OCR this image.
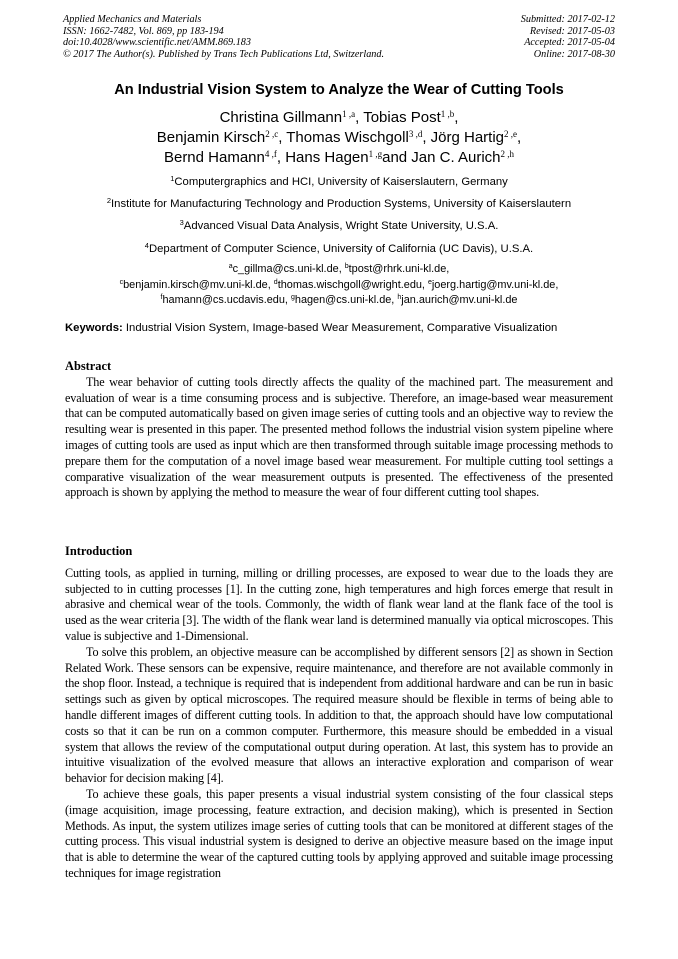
Applied Mechanics and Materials
ISSN: 1662-7482, Vol. 869, pp 183-194
doi:10.4028/www.scientific.net/AMM.869.183
© 2017 The Author(s). Published by Trans Tech Publications Ltd, Switzerland.
Submitted: 2017-02-12
Revised: 2017-05-03
Accepted: 2017-05-04
Online: 2017-08-30
An Industrial Vision System to Analyze the Wear of Cutting Tools
Christina Gillmann$^{1 ,a}$, Tobias Post$^{1 ,b}$,
Benjamin Kirsch$^{2 ,c}$, Thomas Wischgoll$^{3 ,d}$, Jörg Hartig$^{2 ,e}$,
Bernd Hamann$^{4 ,f}$, Hans Hagen$^{1 ,g}$and Jan C. Aurich$^{2 ,h}$
$^1$Computergraphics and HCI, University of Kaiserslautern, Germany
$^2$Institute for Manufacturing Technology and Production Systems, University of Kaiserslautern
$^3$Advanced Visual Data Analysis, Wright State University, U.S.A.
$^4$Department of Computer Science, University of California (UC Davis), U.S.A.
$^a$c_gillma@cs.uni-kl.de, $^b$tpost@rhrk.uni-kl.de,
$^c$benjamin.kirsch@mv.uni-kl.de, $^d$thomas.wischgoll@wright.edu, $^e$joerg.hartig@mv.uni-kl.de,
$^f$hamann@cs.ucdavis.edu, $^g$hagen@cs.uni-kl.de, $^h$jan.aurich@mv.uni-kl.de
Keywords: Industrial Vision System, Image-based Wear Measurement, Comparative Visualization

Abstract

The wear behavior of cutting tools directly affects the quality of the machined part. The measurement and evaluation of wear is a time consuming process and is subjective. Therefore, an image-based wear measurement that can be computed automatically based on given image series of cutting tools and an objective way to review the resulting wear is presented in this paper. The presented method follows the industrial vision system pipeline where images of cutting tools are used as input which are then transformed through suitable image processing methods to prepare them for the computation of a novel image based wear measurement. For multiple cutting tool settings a comparative visualization of the wear measurement outputs is presented. The effectiveness of the presented approach is shown by applying the method to measure the wear of four different cutting tool shapes.

Introduction

Cutting tools, as applied in turning, milling or drilling processes, are exposed to wear due to the loads they are subjected to in cutting processes [1]. In the cutting zone, high temperatures and high forces emerge that result in abrasive and chemical wear of the tools. Commonly, the width of flank wear land at the flank face of the tool is used as the wear criteria [3]. The width of the flank wear land is determined manually via optical microscopes. This value is subjective and 1-Dimensional.

To solve this problem, an objective measure can be accomplished by different sensors [2] as shown in Section Related Work. These sensors can be expensive, require maintenance, and therefore are not available commonly in the shop floor. Instead, a technique is required that is independent from additional hardware and can be run in basic settings such as given by optical microscopes. The required measure should be flexible in terms of being able to handle different images of different cutting tools. In addition to that, the approach should have low computational costs so that it can be run on a common computer. Furthermore, this measure should be embedded in a visual system that allows the review of the computational output during operation. At last, this system has to provide an intuitive visualization of the evolved measure that allows an interactive exploration and comparison of wear behavior for decision making [4].

To achieve these goals, this paper presents a visual industrial system consisting of the four classical steps (image acquisition, image processing, feature extraction, and decision making), which is presented in Section Methods. As input, the system utilizes image series of cutting tools that can be monitored at different stages of the cutting process. This visual industrial system is designed to derive an objective measure based on the image input that is able to determine the wear of the captured cutting tools by applying approved and suitable image processing techniques for image registration
